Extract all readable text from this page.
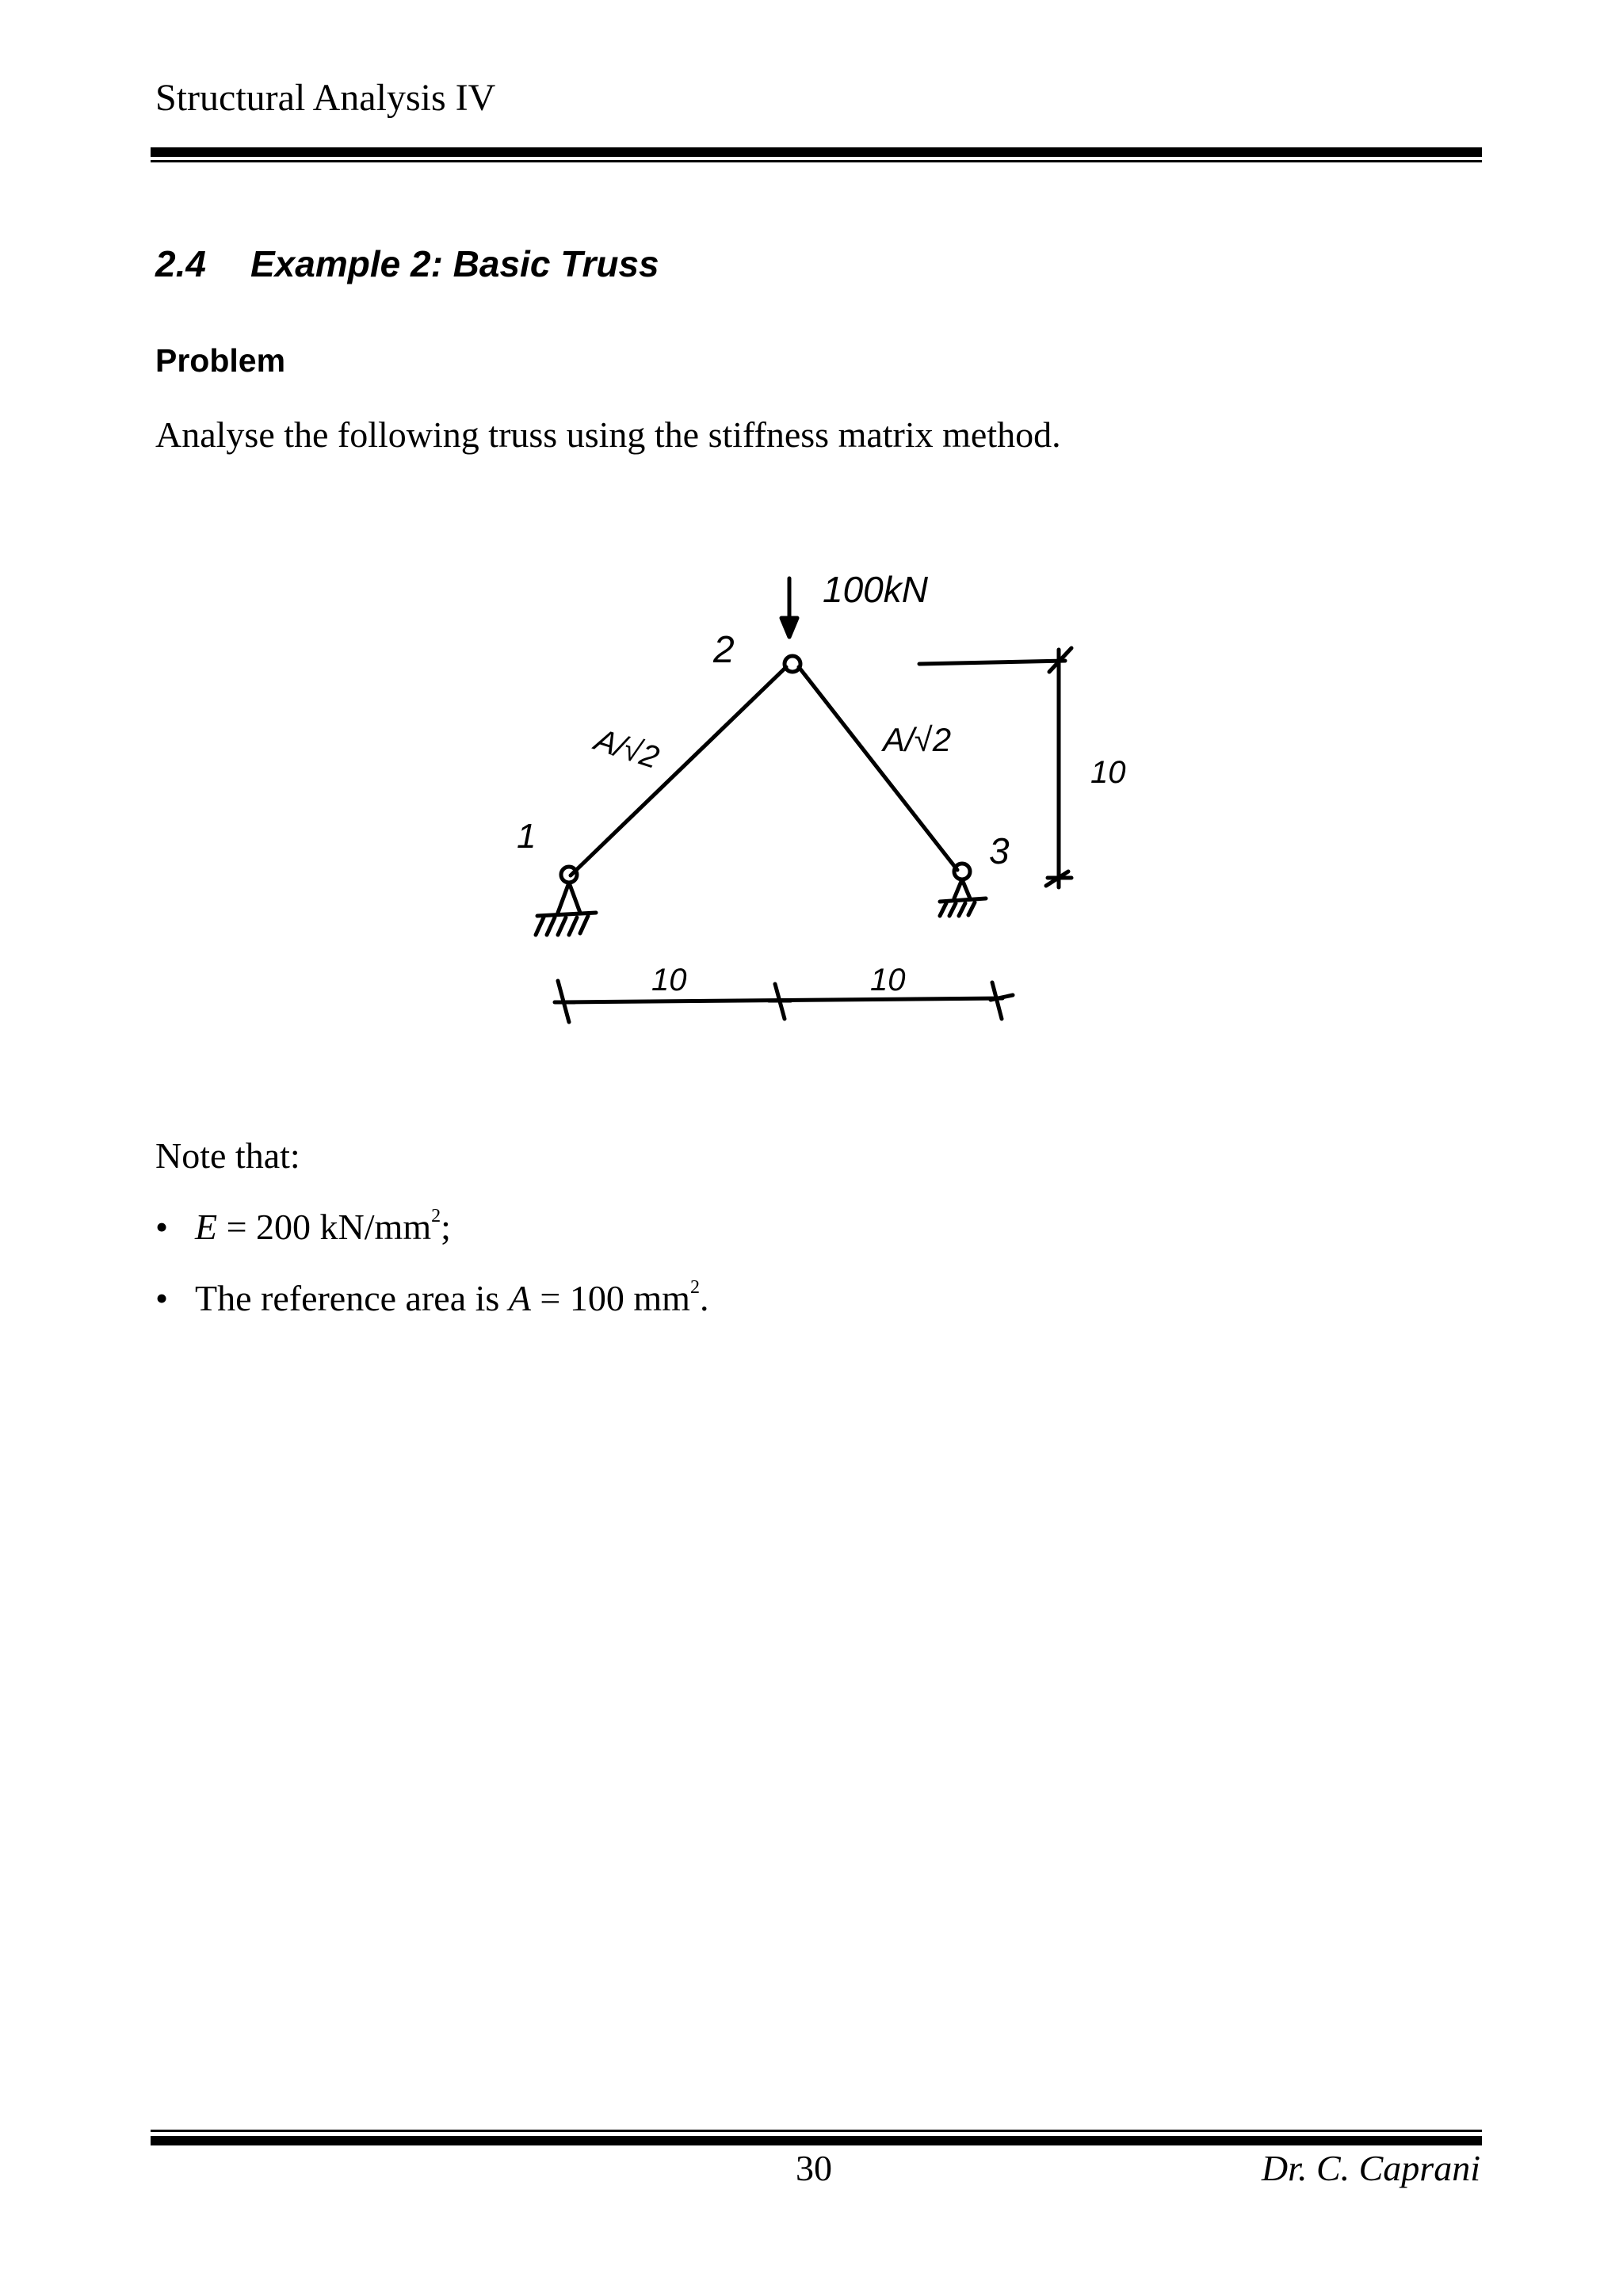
Structural Analysis IV
2.4 Example 2: Basic Truss
Problem
Analyse the following truss using the stiffness matrix method.
100kN
1
2
3
A/√2	A/√2
10	10
10
Note that:
• E = 200 $kN/mm^2$;
• The reference area is A = 100 $mm^2$.
30	Dr. C. Caprani
